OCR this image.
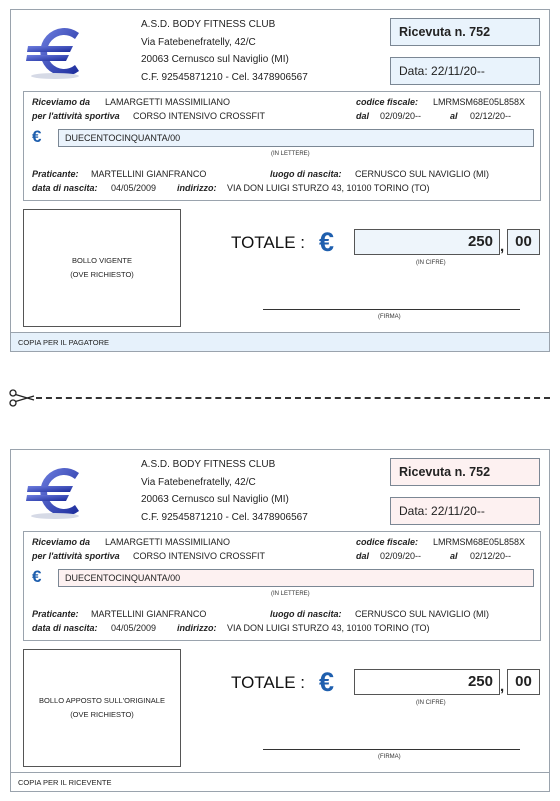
A.S.D. BODY FITNESS CLUB
Via Fatebenefratelly, 42/C
20063 Cernusco sul Naviglio (MI)
C.F. 92545871210 - Cel. 3478906567
Ricevuta n. 752
Data: 22/11/20--
Riceviamo da LAMARGETTI MASSIMILIANO
per l'attività sportiva CORSO INTENSIVO CROSSFIT
codice fiscale: LMRMSM68E05L858X
dal 02/09/20--	al 02/12/20--
€	DUECENTOCINQUANTA/00
(IN LETTERE)
Praticante: MARTELLINI GIANFRANCO	luogo di nascita: CERNUSCO SUL NAVIGLIO (MI)
data di nascita: 04/05/2009 indirizzo: VIA DON LUIGI STURZO 43, 10100 TORINO (TO)
BOLLO VIGENTE
(OVE RICHIESTO)
TOTALE : €	250 , 00
(IN CIFRE)
(FIRMA)
COPIA PER IL PAGATORE
A.S.D. BODY FITNESS CLUB
Via Fatebenefratelly, 42/C
20063 Cernusco sul Naviglio (MI)
C.F. 92545871210 - Cel. 3478906567
Ricevuta n. 752
Data: 22/11/20--
Riceviamo da LAMARGETTI MASSIMILIANO
per l'attività sportiva CORSO INTENSIVO CROSSFIT
codice fiscale: LMRMSM68E05L858X
dal 02/09/20--	al 02/12/20--
€	DUECENTOCINQUANTA/00
(IN LETTERE)
Praticante: MARTELLINI GIANFRANCO	luogo di nascita: CERNUSCO SUL NAVIGLIO (MI)
data di nascita: 04/05/2009 indirizzo: VIA DON LUIGI STURZO 43, 10100 TORINO (TO)
BOLLO APPOSTO SULL'ORIGINALE
(OVE RICHIESTO)
TOTALE : €	250 , 00
(IN CIFRE)
(FIRMA)
COPIA PER IL RICEVENTE
